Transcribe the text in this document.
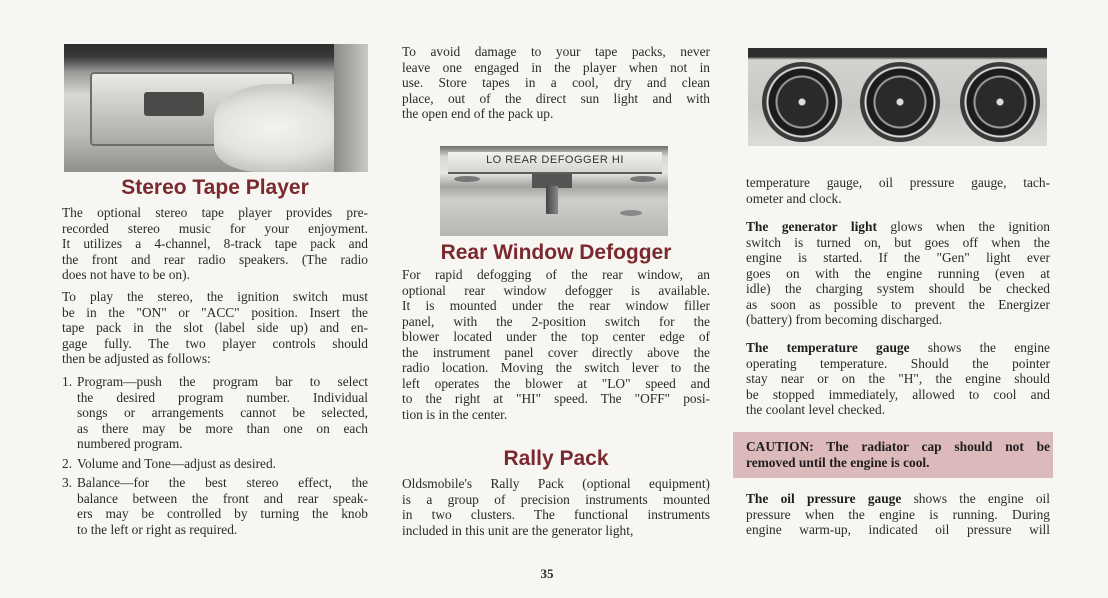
LO REAR DEFOGGER HI
Stereo Tape Player
The optional stereo tape player provides pre-
recorded stereo music for your enjoyment.
It utilizes a 4-channel, 8-track tape pack and
the front and rear radio speakers. (The radio
does not have to be on).
To play the stereo, the ignition switch must
be in the "ON" or "ACC" position. Insert the
tape pack in the slot (label side up) and en-
gage fully. The two player controls should
then be adjusted as follows:
1. Program—push the program bar to select
the desired program number. Individual
songs or arrangements cannot be selected,
as there may be more than one on each
numbered program.
2. Volume and Tone—adjust as desired.
3. Balance—for the best stereo effect, the
balance between the front and rear speak-
ers may be controlled by turning the knob
to the left or right as required.
To avoid damage to your tape packs, never
leave one engaged in the player when not in
use. Store tapes in a cool, dry and clean
place, out of the direct sun light and with
the open end of the pack up.
Rear Window Defogger
For rapid defogging of the rear window, an
optional rear window defogger is available.
It is mounted under the rear window filler
panel, with the 2-position switch for the
blower located under the top center edge of
the instrument panel cover directly above the
radio location. Moving the switch lever to the
left operates the blower at "LO" speed and
to the right at "HI" speed. The "OFF" posi-
tion is in the center.
Rally Pack
Oldsmobile's Rally Pack (optional equipment)
is a group of precision instruments mounted
in two clusters. The functional instruments
included in this unit are the generator light,
temperature gauge, oil pressure gauge, tach-
ometer and clock.
The generator light glows when the ignition
switch is turned on, but goes off when the
engine is started. If the "Gen" light ever
goes on with the engine running (even at
idle) the charging system should be checked
as soon as possible to prevent the Energizer
(battery) from becoming discharged.
The temperature gauge shows the engine
operating temperature. Should the pointer
stay near or on the "H", the engine should
be stopped immediately, allowed to cool and
the coolant level checked.
CAUTION: The radiator cap should not be
removed until the engine is cool.
The oil pressure gauge shows the engine oil
pressure when the engine is running. During
engine warm-up, indicated oil pressure will
35
